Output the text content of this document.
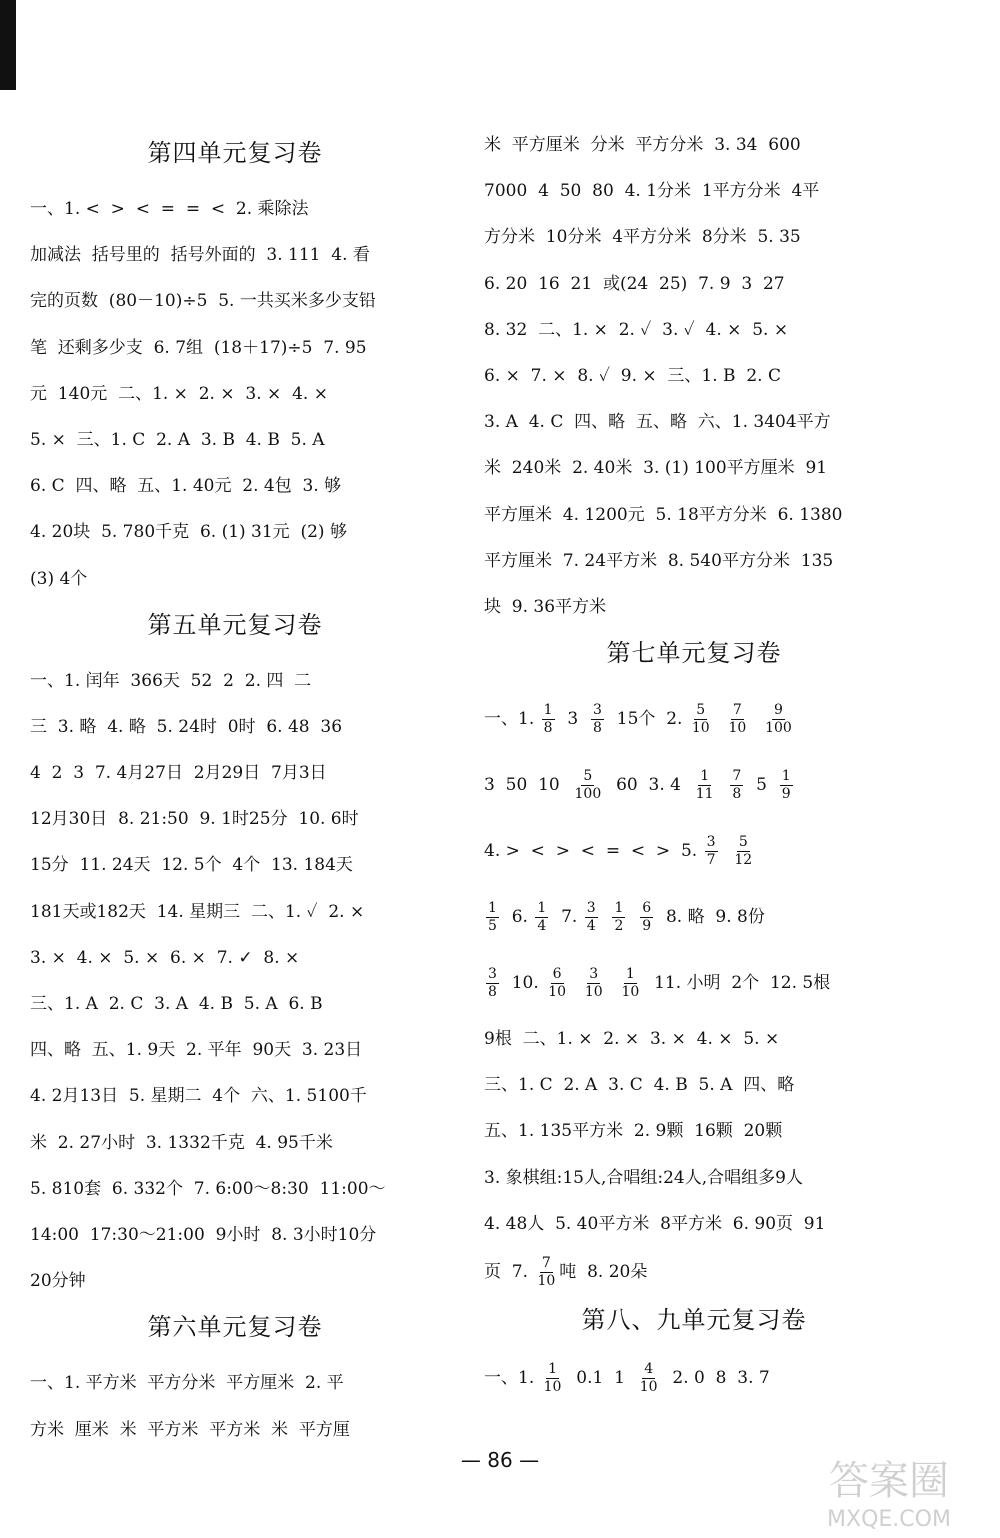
第四单元复习卷
一、1. <  >  <  =  =  <  2. 乘除法
加减法  括号里的  括号外面的  3. 111  4. 看
完的页数  (80－10)÷5  5. 一共买米多少支铅
笔  还剩多少支  6. 7组  (18＋17)÷5  7. 95
元  140元  二、1. ×  2. ×  3. ×  4. ×
5. ×  三、1. C  2. A  3. B  4. B  5. A
6. C  四、略  五、1. 40元  2. 4包  3. 够
4. 20块  5. 780千克  6. (1) 31元  (2) 够
(3) 4个
第五单元复习卷
一、1. 闰年  366天  52  2  2. 四  二
三  3. 略  4. 略  5. 24时  0时  6. 48  36
4  2  3  7. 4月27日  2月29日  7月3日
12月30日  8. 21:50  9. 1时25分  10. 6时
15分  11. 24天  12. 5个  4个  13. 184天
181天或182天  14. 星期三  二、1. ✓  2. ×
3. ×  4. ×  5. ×  6. ×  7. ✓  8. ×
三、1. A  2. C  3. A  4. B  5. A  6. B
四、略  五、1. 9天  2. 平年  90天  3. 23日
4. 2月13日  5. 星期二  4个  六、1. 5100千
米  2. 27小时  3. 1332千克  4. 95千米
5. 810套  6. 332个  7. 6:00～8:30  11:00～
14:00  17:30～21:00  9小时  8. 3小时10分
20分钟
第六单元复习卷
一、1. 平方米  平方分米  平方厘米  2. 平
方米  厘米  米  平方米  平方米  米  平方厘
米  平方厘米  分米  平方分米  3. 34  600
7000  4  50  80  4. 1分米  1平方分米  4平
方分米  10分米  4平方分米  8分米  5. 35
6. 20  16  21  或(24  25)  7. 9  3  27
8. 32  二、1. ×  2. ✓  3. ✓  4. ×  5. ×
6. ×  7. ×  8. ✓  9. ×  三、1. B  2. C
3. A  4. C  四、略  五、略  六、1. 3404平方
米  240米  2. 40米  3. (1) 100平方厘米  91
平方厘米  4. 1200元  5. 18平方分米  6. 1380
平方厘米  7. 24平方米  8. 540平方分米  135
块  9. 36平方米
第七单元复习卷
一、1. $\frac{1}{8} 3 \frac{3}{8} 15$个  2. $\frac{5}{10}$
$\frac{7}{10}$
$\frac{9}{100}$
3  50  $10 \frac{5}{100} 60$  3. $4 \frac{1}{11}$
$\frac{7}{8} 5 \frac{1}{9}$
4. >  <  >  <  =  <  >  5. $\frac{3}{7}$
$\frac{5}{12}$
$\frac{1}{5} 6$. $\frac{1}{4} 7$. $\frac{3}{4}$
$\frac{1}{2}$
$\frac{6}{9} 8$. 略  9. 8份
$\frac{3}{8} 10$. $\frac{6}{10}$
$\frac{3}{10}$
$\frac{1}{10} 11$. 小明  2个  12. 5根
9根  二、1. ×  2. ×  3. ×  4. ×  5. ×
三、1. C  2. A  3. C  4. B  5. A  四、略
五、1. 135平方米  2. 9颗  16颗  20颗
3. 象棋组:15人,合唱组:24人,合唱组多9人
4. 48人  5. 40平方米  8平方米  6. 90页  91
页  7. $\frac{7}{10}$ 吨  8. 20朵
第八、九单元复习卷
一、1. $\frac{1}{10} 0.1$  $1 \frac{4}{10} 2$. 0  8  3. 7
— 86 —	答案圈
MXQE.COM
